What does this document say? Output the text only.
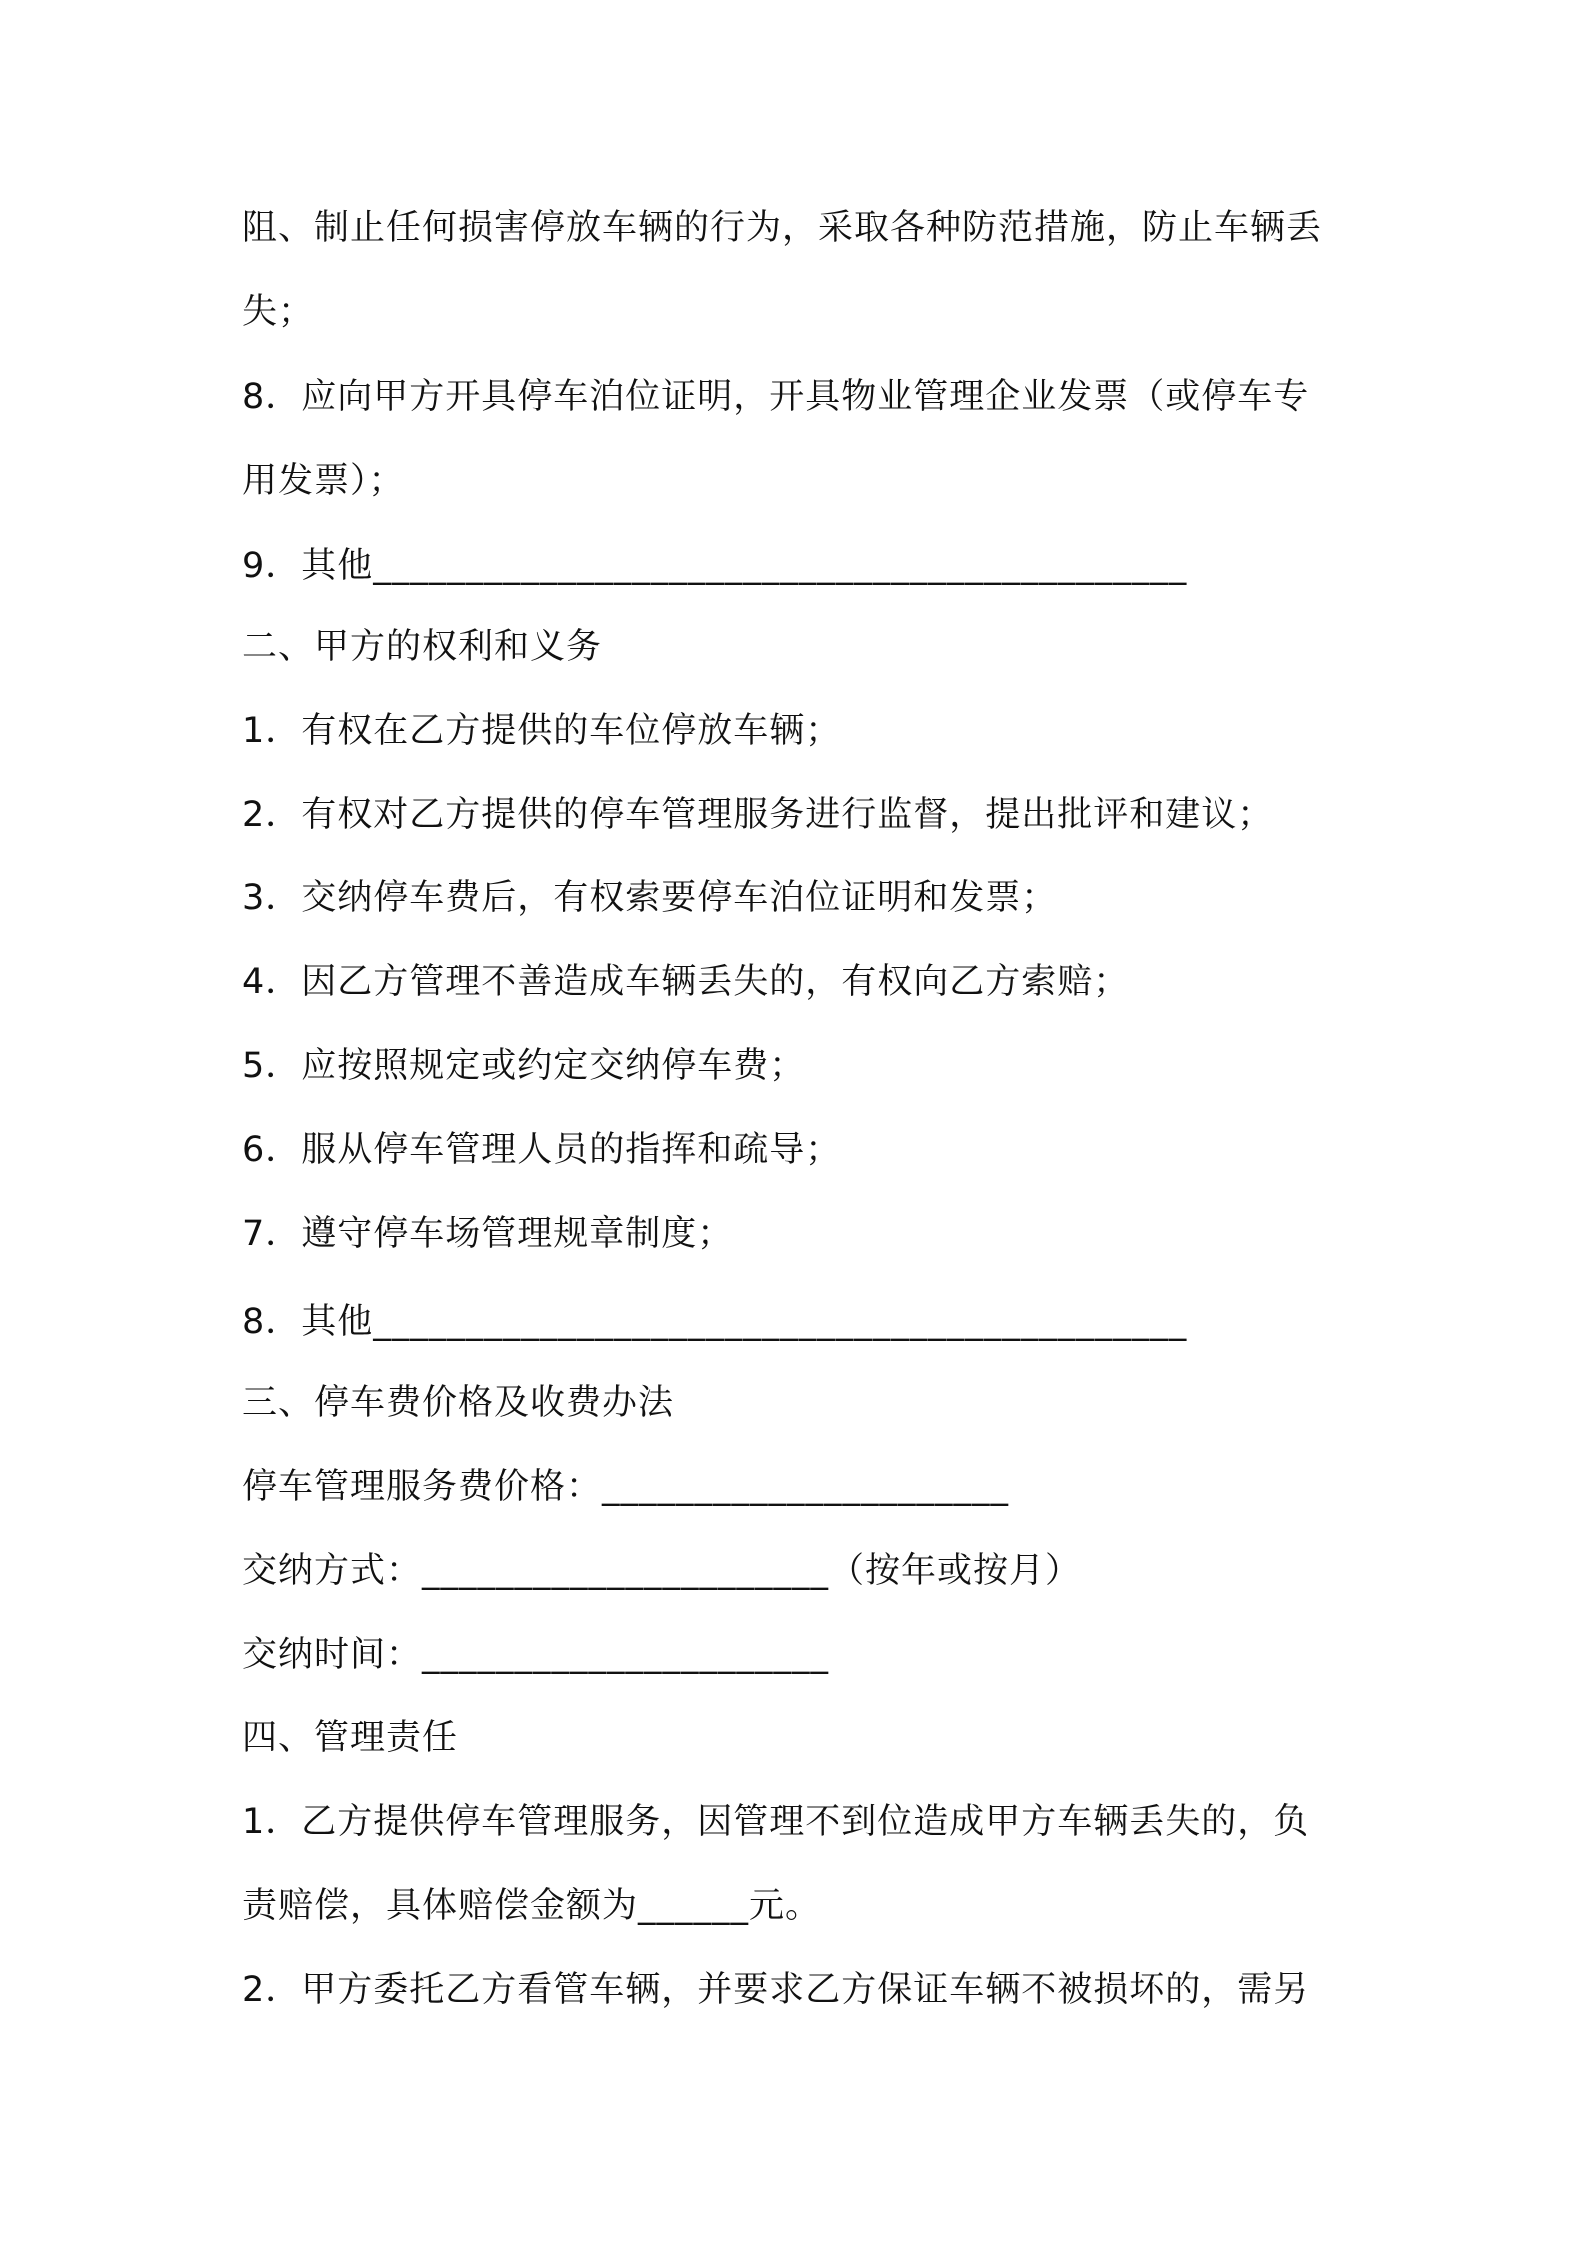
阻、制止任何损害停放车辆的行为，采取各种防范措施，防止车辆丢
失；
8．应向甲方开具停车泊位证明，开具物业管理企业发票（或停车专
用发票）；
9．其他____________________________________________
二、甲方的权利和义务
1．有权在乙方提供的车位停放车辆；
2．有权对乙方提供的停车管理服务进行监督，提出批评和建议；
3．交纳停车费后，有权索要停车泊位证明和发票；
4．因乙方管理不善造成车辆丢失的，有权向乙方索赔；
5．应按照规定或约定交纳停车费；
6．服从停车管理人员的指挥和疏导；
7．遵守停车场管理规章制度；
8．其他____________________________________________
三、停车费价格及收费办法
停车管理服务费价格：______________________
交纳方式：______________________（按年或按月）
交纳时间：______________________
四、管理责任
1．乙方提供停车管理服务，因管理不到位造成甲方车辆丢失的，负
责赔偿，具体赔偿金额为______元。
2．甲方委托乙方看管车辆，并要求乙方保证车辆不被损坏的，需另
